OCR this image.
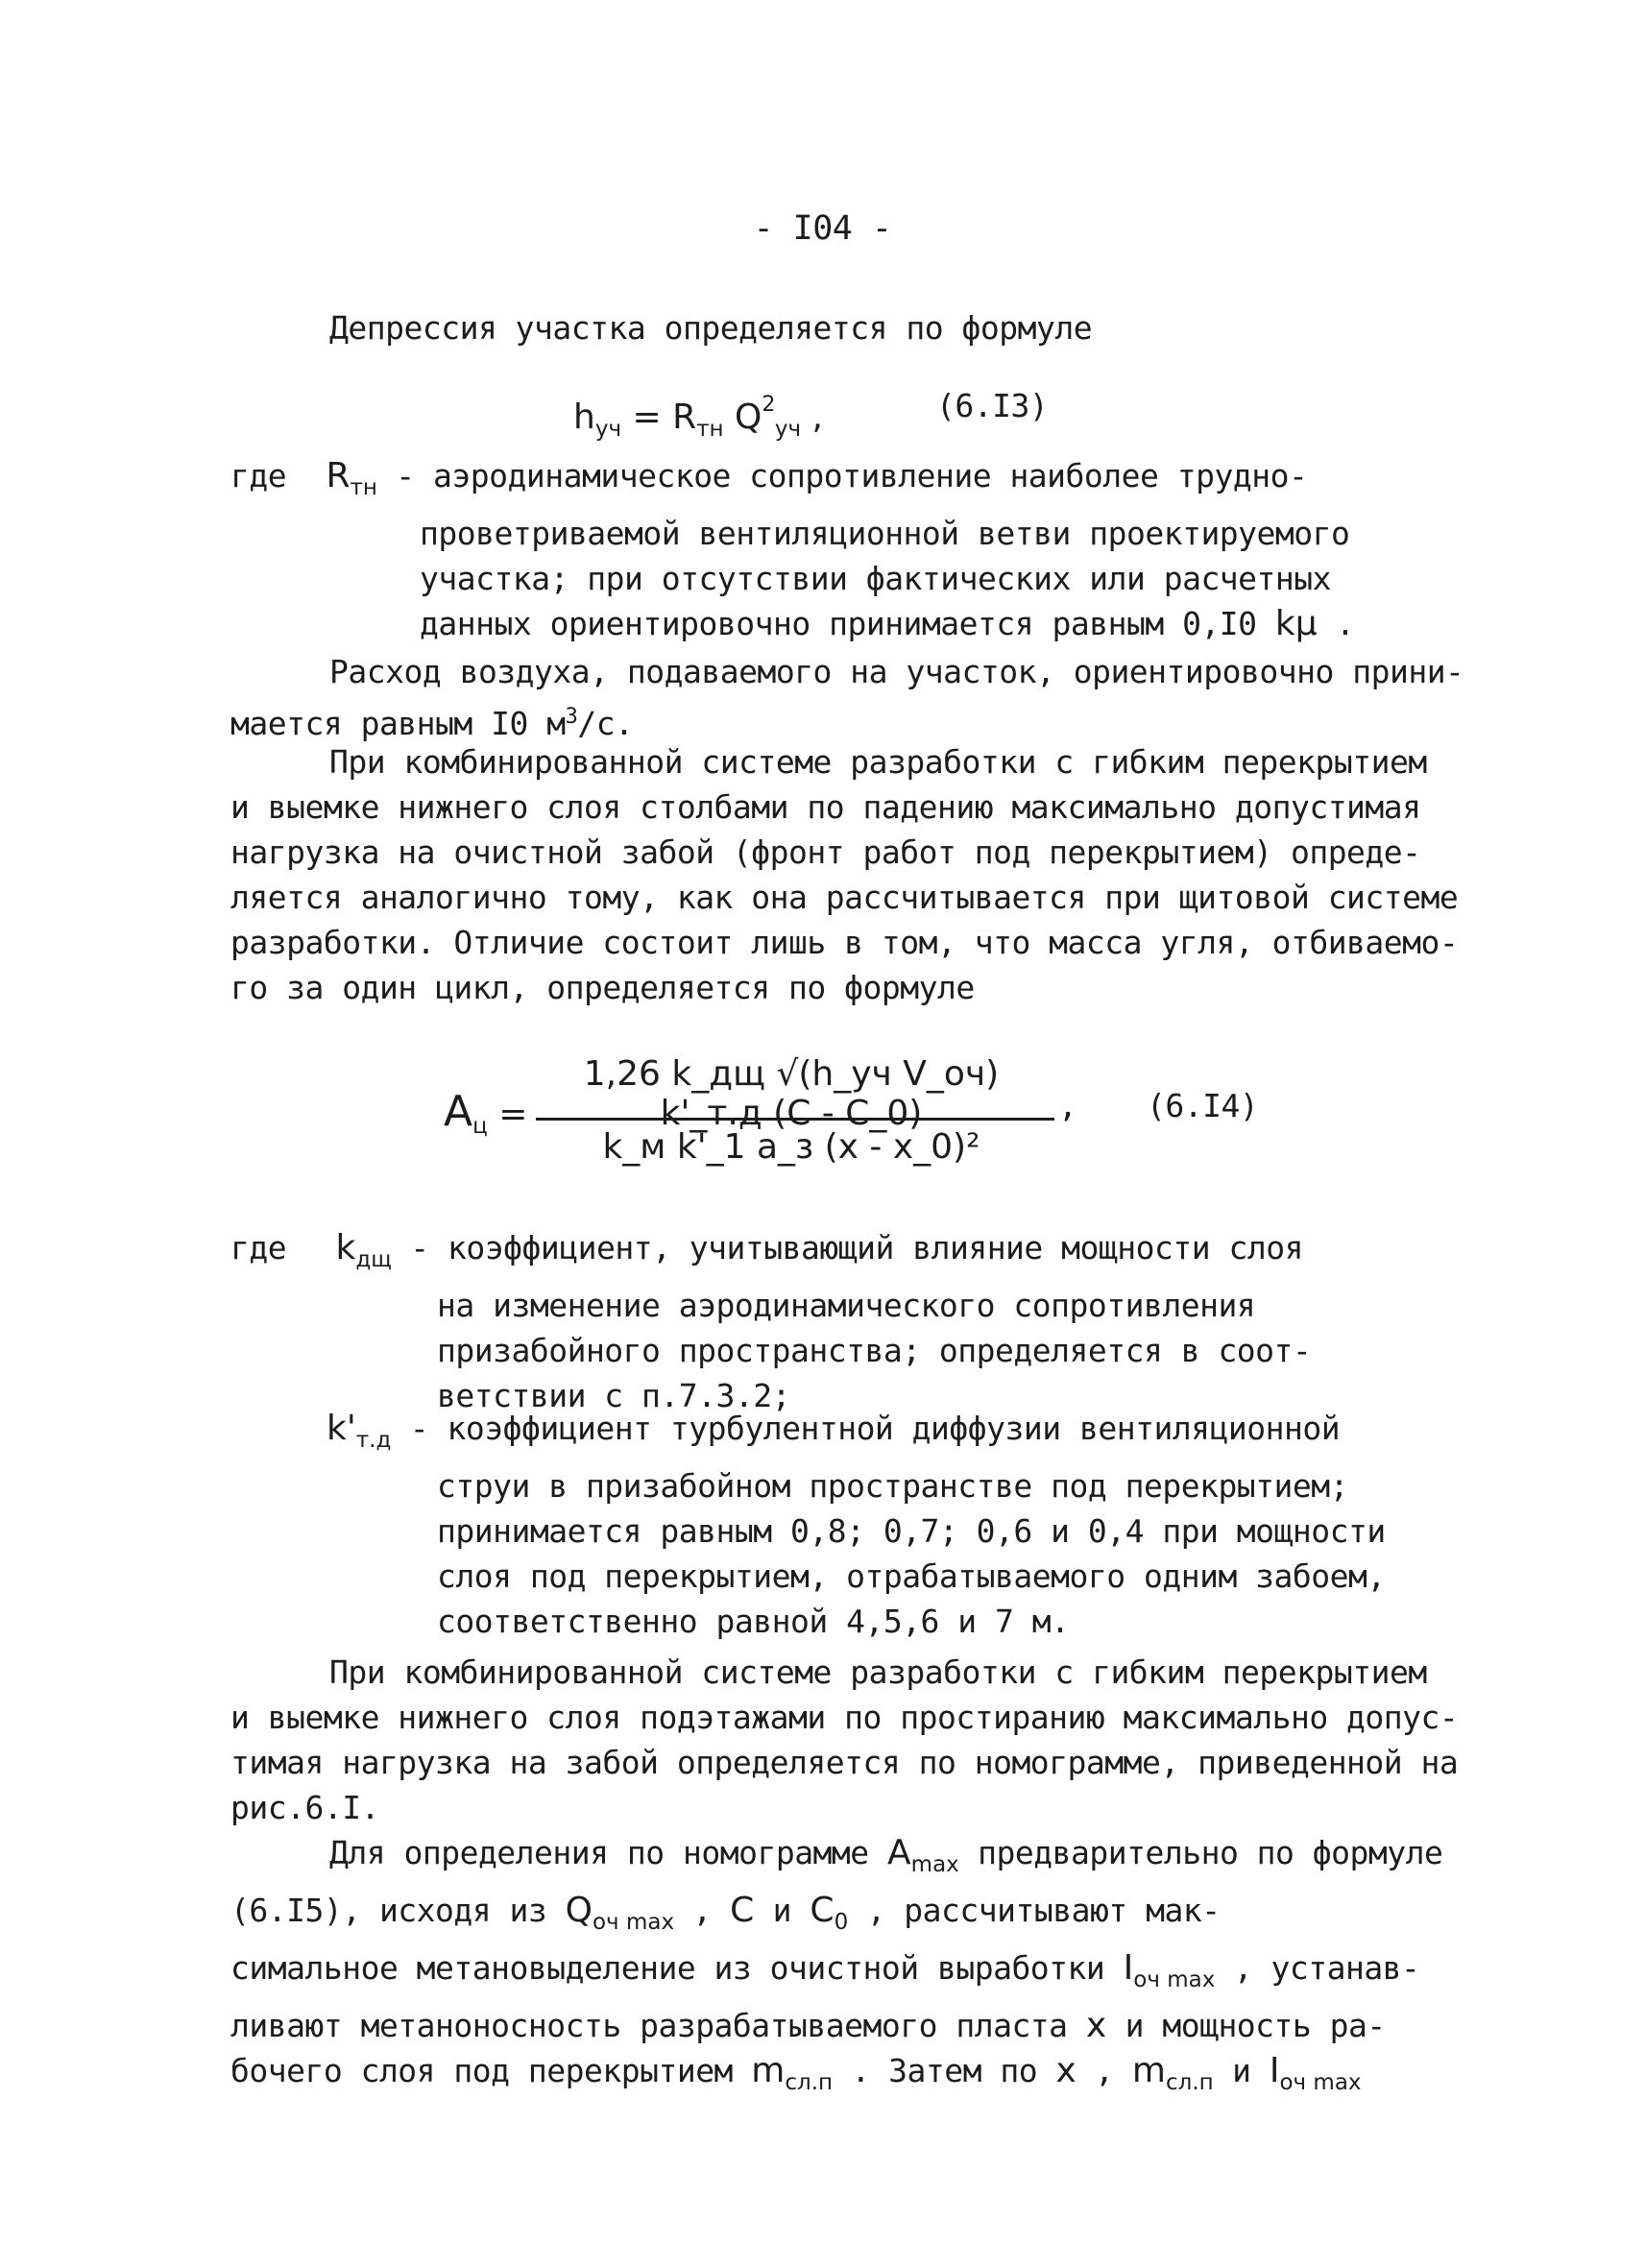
- I04 -
Депрессия участка определяется по формуле
$h_{уч} = R_{тн}$ $Q^2_{уч}$ ,	(6.I3)
где $R_{тн}$ - аэродинамическое сопротивление наиболее трудно-
проветриваемой вентиляционной ветви проектируемого
участка; при отсутствии фактических или расчетных
данных ориентировочно принимается равным 0,I0 kμ .
Расход воздуха, подаваемого на участок, ориентировочно прини-
мается равным I0 $м^3/с$.
При комбинированной системе разработки с гибким перекрытием
и выемке нижнего слоя столбами по падению максимально допустимая
нагрузка на очистной забой (фронт работ под перекрытием) опреде-
ляется аналогично тому, как она рассчитывается при щитовой системе
разработки. Отличие состоит лишь в том, что масса угля, отбиваемо-
го за один цикл, определяется по формуле
Aц =
1,26 k_дщ √(h_уч V_оч) k'_т.д (C - C_0)
k_м k'_1 a_з (x - x_0)²
, (6.I4)
где $k_{дщ}$ - коэффициент, учитывающий влияние мощности слоя
на изменение аэродинамического сопротивления
призабойного пространства; определяется в соот-
ветствии с п.7.3.2;
$k'_{т.д}$ - коэффициент турбулентной диффузии вентиляционной
струи в призабойном пространстве под перекрытием;
принимается равным 0,8; 0,7; 0,6 и 0,4 при мощности
слоя под перекрытием, отрабатываемого одним забоем,
соответственно равной 4,5,6 и 7 м.
При комбинированной системе разработки с гибким перекрытием
и выемке нижнего слоя подэтажами по простиранию максимально допус-
тимая нагрузка на забой определяется по номограмме, приведенной на
рис.6.I.
Для определения по номограмме $A_{max}$ предварительно по формуле
(6.I5), исходя из $Q_{оч max}$ , C и $C_0$ , рассчитывают мак-
симальное метановыделение из очистной выработки $I_{оч max}$ , устанав-
ливают метаноносность разрабатываемого пласта x и мощность ра-
бочего слоя под перекрытием $m_{сл.п}$ . Затем по x , $m_{сл.п}$ и $I_{оч max}$
